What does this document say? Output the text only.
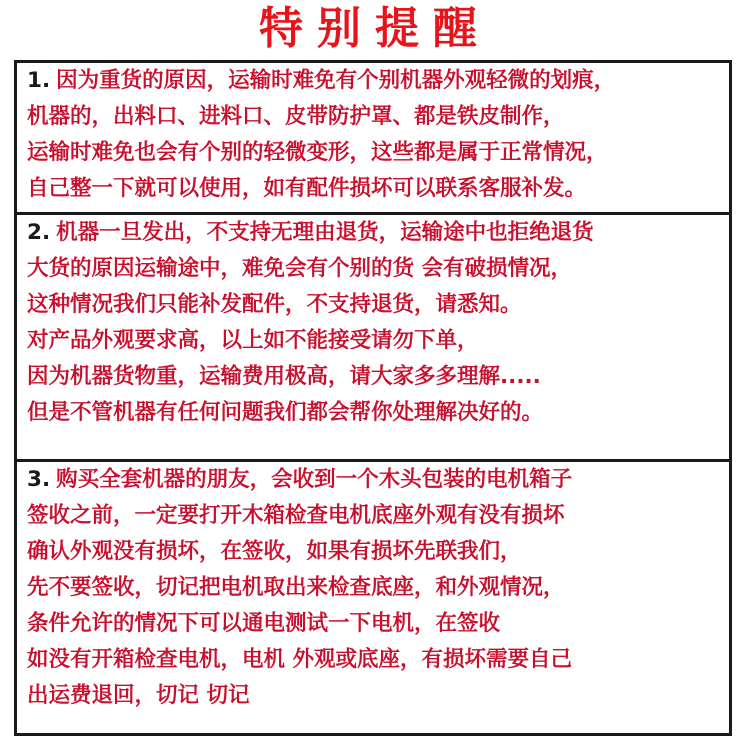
特别提醒
1. 因为重货的原因，运输时难免有个别机器外观轻微的划痕，
机器的，出料口、进料口、皮带防护罩、都是铁皮制作，
运输时难免也会有个别的轻微变形，这些都是属于正常情况，
自己整一下就可以使用，如有配件损坏可以联系客服补发。
2. 机器一旦发出，不支持无理由退货，运输途中也拒绝退货
大货的原因运输途中，难免会有个别的货 会有破损情况，
这种情况我们只能补发配件，不支持退货，请悉知。
对产品外观要求高，以上如不能接受请勿下单，
因为机器货物重，运输费用极高，请大家多多理解.....
但是不管机器有任何问题我们都会帮你处理解决好的。
3. 购买全套机器的朋友，会收到一个木头包装的电机箱子
签收之前，一定要打开木箱检查电机底座外观有没有损坏
确认外观没有损坏，在签收，如果有损坏先联我们，
先不要签收，切记把电机取出来检查底座，和外观情况，
条件允许的情况下可以通电测试一下电机，在签收
如没有开箱检查电机，电机 外观或底座，有损坏需要自己
出运费退回，切记 切记
